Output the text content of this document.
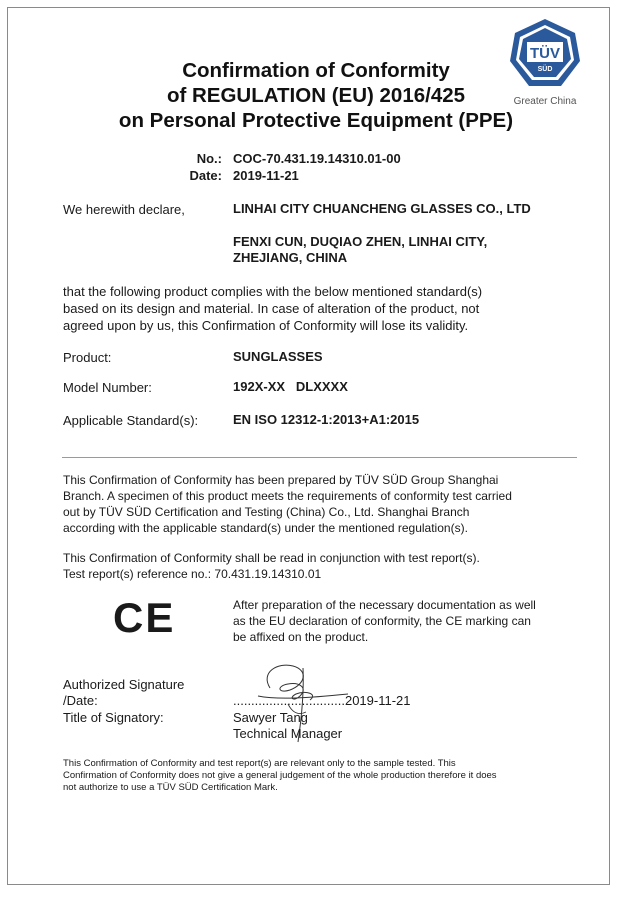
TÜV
SÜD
Greater China
Confirmation of Conformity
of REGULATION (EU) 2016/425
on Personal Protective Equipment (PPE)
No.: COC-70.431.19.14310.01-00
Date: 2019-11-21
We herewith declare,	LINHAI CITY CHUANCHENG GLASSES CO., LTD
FENXI CUN, DUQIAO ZHEN, LINHAI CITY,
ZHEJIANG, CHINA
that the following product complies with the below mentioned standard(s)
based on its design and material. In case of alteration of the product, not
agreed upon by us, this Confirmation of Conformity will lose its validity.
Product:	SUNGLASSES
Model Number:	192X-XX   DLXXXX
Applicable Standard(s):	EN ISO 12312-1:2013+A1:2015
This Confirmation of Conformity has been prepared by TÜV SÜD Group Shanghai
Branch. A specimen of this product meets the requirements of conformity test carried
out by TÜV SÜD Certification and Testing (China) Co., Ltd. Shanghai Branch
according with the applicable standard(s) under the mentioned regulation(s).
This Confirmation of Conformity shall be read in conjunction with test report(s).
Test report(s) reference no.: 70.431.19.14310.01
CE	After preparation of the necessary documentation as well
as the EU declaration of conformity, the CE marking can
be affixed on the product.
Authorized Signature
/Date:	...............................2019-11-21
Title of Signatory:	Sawyer Tang
Technical Manager
This Confirmation of Conformity and test report(s) are relevant only to the sample tested. This
Confirmation of Conformity does not give a general judgement of the whole production therefore it does
not authorize to use a TÜV SÜD Certification Mark.
